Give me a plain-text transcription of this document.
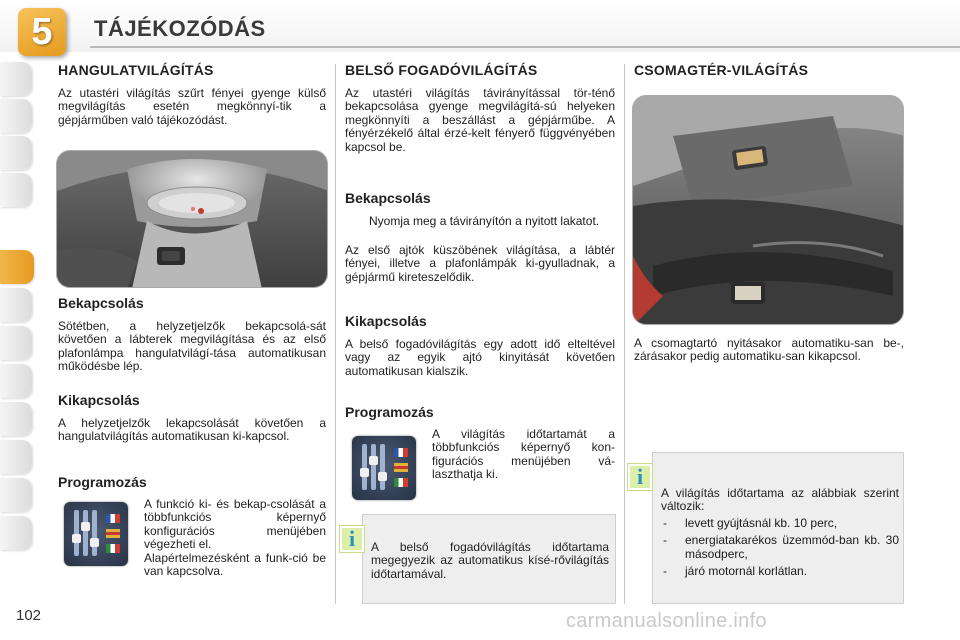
5	TÁJÉKOZÓDÁS
HANGULATVILÁGÍTÁS

Az utastéri világítás szűrt fényei gyenge külső megvilágítás esetén megkönnyí-tik a gépjárműben való tájékozódást.

Bekapcsolás

Sötétben, a helyzetjelzők bekapcsolá-sát követően a lábterek megvilágítása és az első plafonlámpa hangulatvilágí-tása automatikusan működésbe lép.

Kikapcsolás

A helyzetjelzők lekapcsolását követően a hangulatvilágítás automatikusan ki-kapcsol.

Programozás

A funkció ki- és bekap-csolását a többfunkciós képernyő konfigurációs menüjében végezheti el.

Alapértelmezésként a funk-ció be van kapcsolva.

BELSŐ FOGADÓVILÁGÍTÁS

Az utastéri világítás távirányítással tör-ténő bekapcsolása gyenge megvilágítá-sú helyeken megkönnyíti a beszállást a gépjárműbe. A fényérzékelő által érzé-kelt fényerő függvényében kapcsol be.

Bekapcsolás
Nyomja meg a távirányítón a nyitott lakatot.

Az első ajtók küszöbének világítása, a lábtér fényei, illetve a plafonlámpák ki-gyulladnak, a gépjármű kireteszelődik.

Kikapcsolás

A belső fogadóvilágítás egy adott idő elteltével vagy az egyik ajtó kinyitását követően automatikusan kialszik.

Programozás

A világítás időtartamát a többfunkciós képernyő kon-figurációs menüjében vá-laszthatja ki.

A belső fogadóvilágítás időtartama megegyezik az automatikus kísé-rővilágítás időtartamával.
i
CSOMAGTÉR-VILÁGÍTÁS

A csomagtartó nyitásakor automatiku-san be-, zárásakor pedig automatiku-san kikapcsol.

A világítás időtartama az alábbiak szerint változik:
- levett gyújtásnál kb. 10 perc,
- energiatakarékos üzemmód-ban kb. 30 másodperc,
- járó motornál korlátlan.
i
102	carmanualsonline.info
